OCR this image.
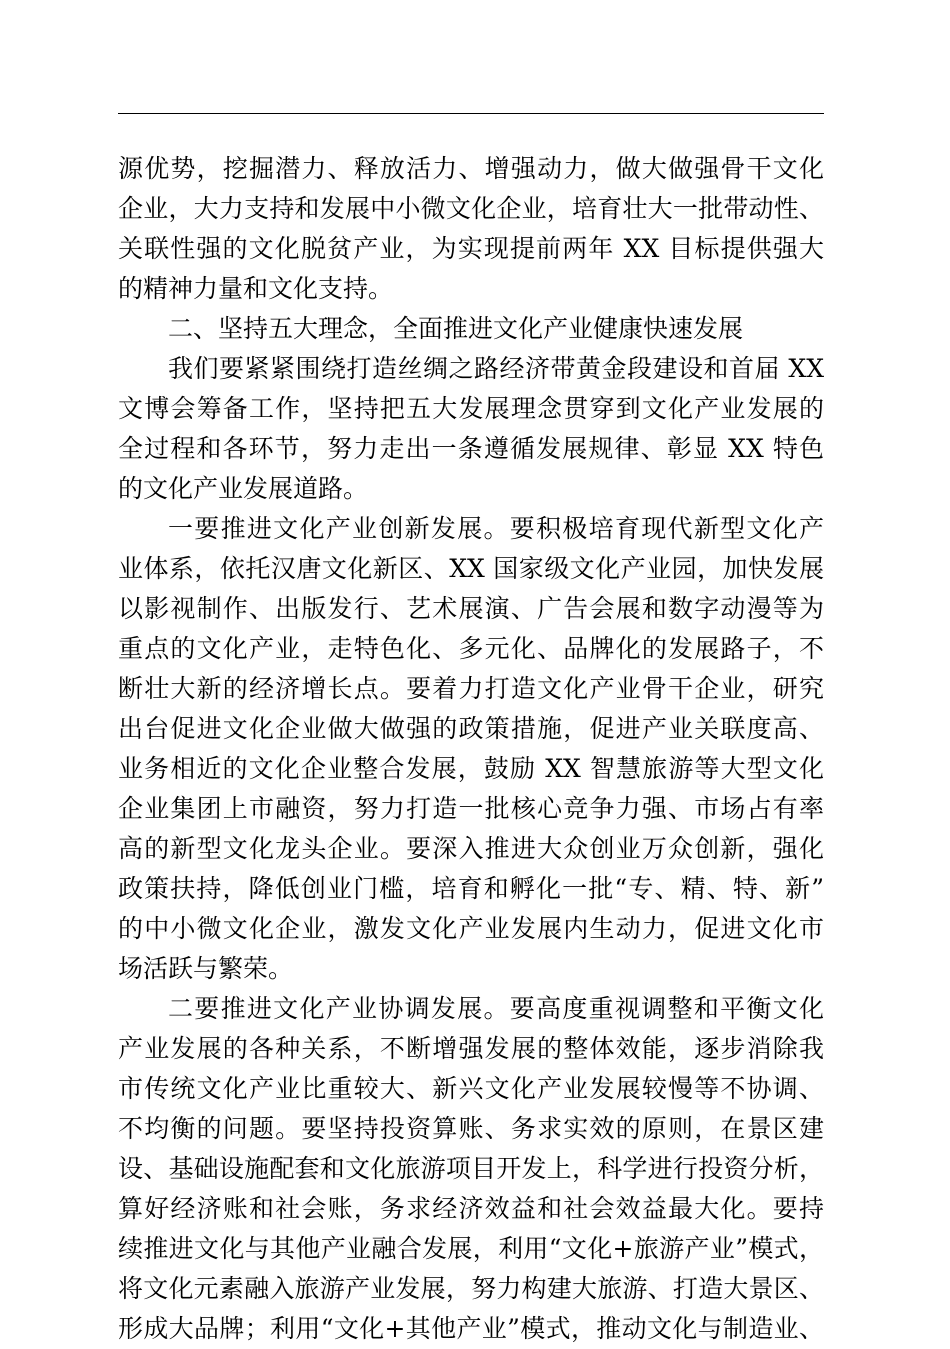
源优势，挖掘潜力、释放活力、增强动力，做大做强骨干文化
企业，大力支持和发展中小微文化企业，培育壮大一批带动性、
关联性强的文化脱贫产业，为实现提前两年 XX 目标提供强大
的精神力量和文化支持。
二、坚持五大理念，全面推进文化产业健康快速发展
我们要紧紧围绕打造丝绸之路经济带黄金段建设和首届 XX
文博会筹备工作，坚持把五大发展理念贯穿到文化产业发展的
全过程和各环节，努力走出一条遵循发展规律、彰显 XX 特色
的文化产业发展道路。
一要推进文化产业创新发展。要积极培育现代新型文化产
业体系，依托汉唐文化新区、XX 国家级文化产业园，加快发展
以影视制作、出版发行、艺术展演、广告会展和数字动漫等为
重点的文化产业，走特色化、多元化、品牌化的发展路子，不
断壮大新的经济增长点。要着力打造文化产业骨干企业，研究
出台促进文化企业做大做强的政策措施，促进产业关联度高、
业务相近的文化企业整合发展，鼓励 XX 智慧旅游等大型文化
企业集团上市融资，努力打造一批核心竞争力强、市场占有率
高的新型文化龙头企业。要深入推进大众创业万众创新，强化
政策扶持，降低创业门槛，培育和孵化一批“专、精、特、新”
的中小微文化企业，激发文化产业发展内生动力，促进文化市
场活跃与繁荣。
二要推进文化产业协调发展。要高度重视调整和平衡文化
产业发展的各种关系，不断增强发展的整体效能，逐步消除我
市传统文化产业比重较大、新兴文化产业发展较慢等不协调、
不均衡的问题。要坚持投资算账、务求实效的原则，在景区建
设、基础设施配套和文化旅游项目开发上，科学进行投资分析，
算好经济账和社会账，务求经济效益和社会效益最大化。要持
续推进文化与其他产业融合发展，利用“文化+旅游产业”模式，
将文化元素融入旅游产业发展，努力构建大旅游、打造大景区、
形成大品牌；利用“文化+其他产业”模式，推动文化与制造业、
